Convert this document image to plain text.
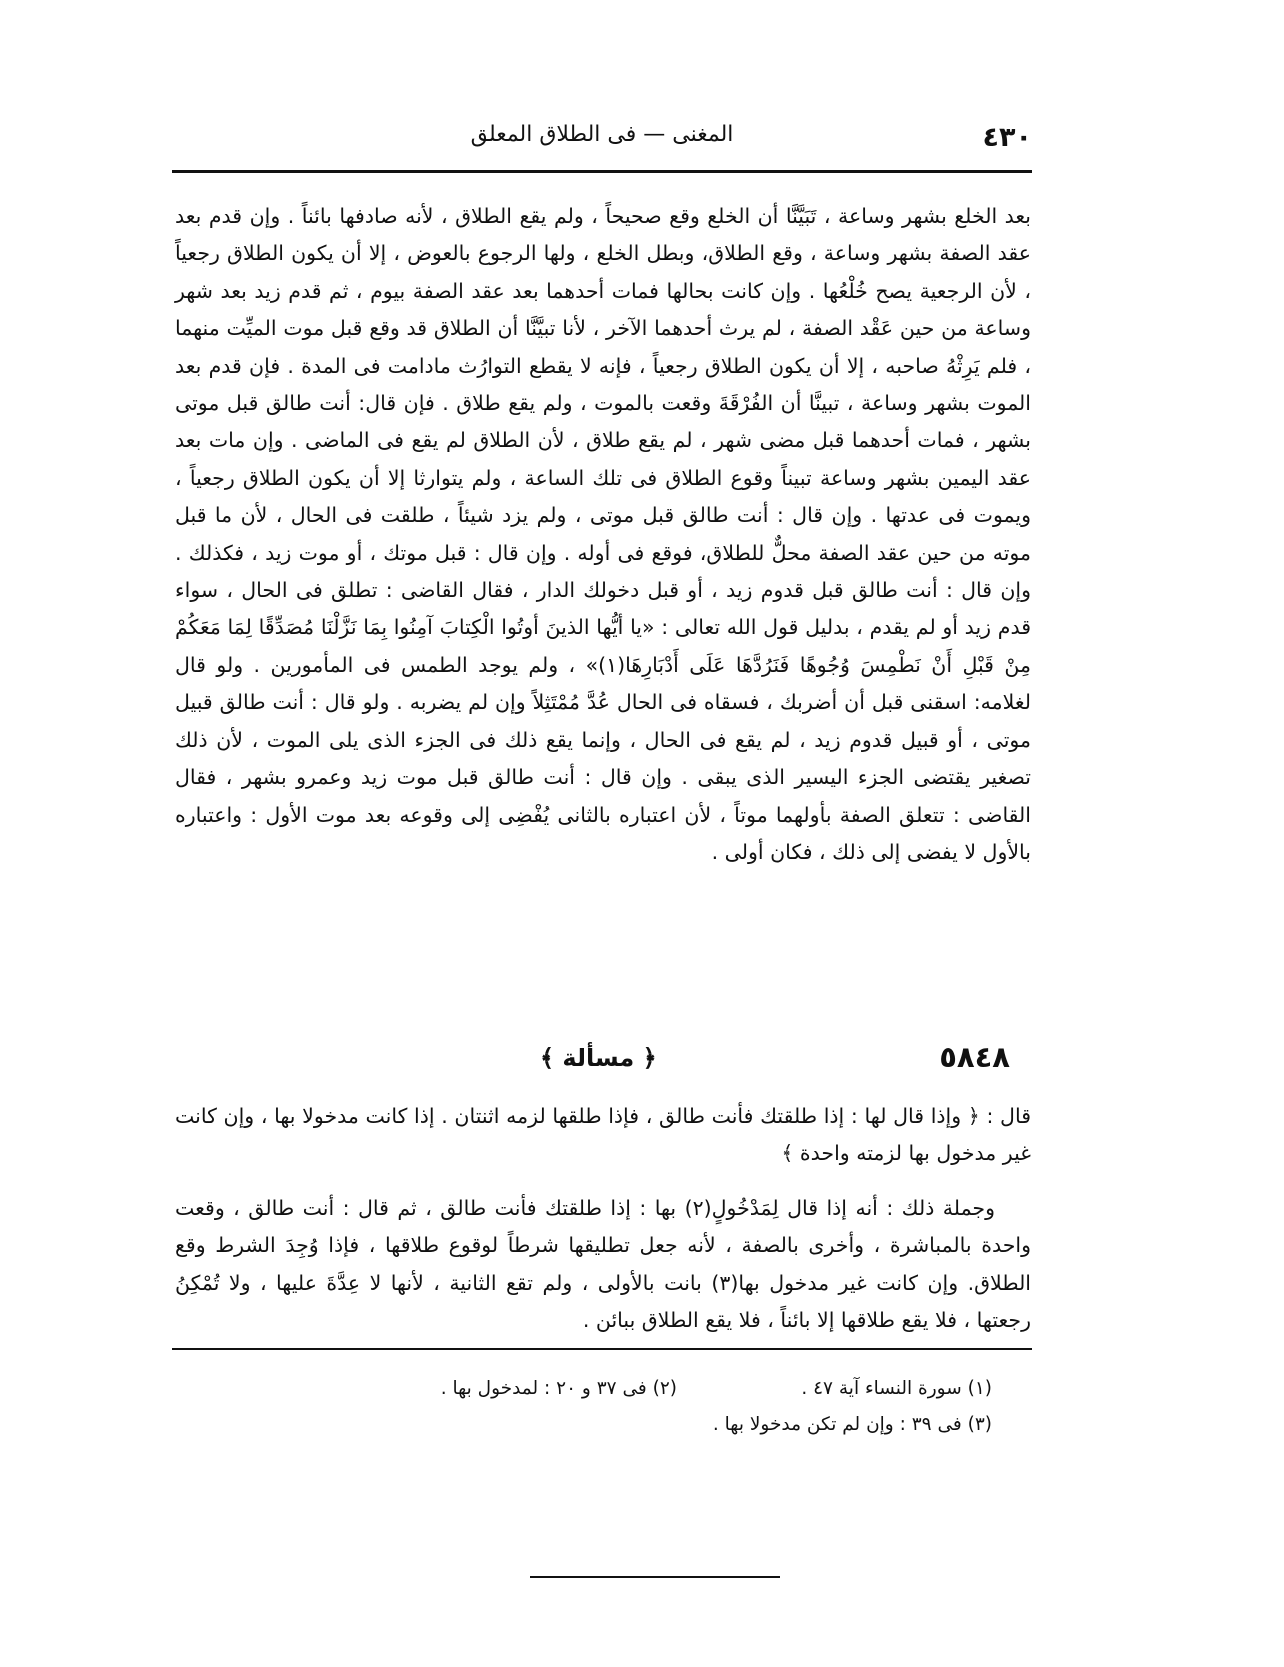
٤٣٠
المغنى — فى الطلاق المعلق

بعد الخلع بشهر وساعة ، تَبَيَّنَّا أن الخلع وقع صحيحاً ، ولم يقع الطلاق ، لأنه صادفها بائناً . وإن قدم بعد عقد الصفة بشهر وساعة ، وقع الطلاق، وبطل الخلع ، ولها الرجوع بالعوض ، إلا أن يكون الطلاق رجعياً ، لأن الرجعية يصح خُلْعُها . وإن كانت بحالها فمات أحدهما بعد عقد الصفة بيوم ، ثم قدم زيد بعد شهر وساعة من حين عَقْد الصفة ، لم يرث أحدهما الآخر ، لأنا تبيَّنَّا أن الطلاق قد وقع قبل موت الميِّت منهما ، فلم يَرِثْهُ صاحبه ، إلا أن يكون الطلاق رجعياً ، فإنه لا يقطع التوارُث مادامت فى المدة . فإن قدم بعد الموت بشهر وساعة ، تبينَّا أن الفُرْقَةَ وقعت بالموت ، ولم يقع طلاق . فإن قال: أنت طالق قبل موتى بشهر ، فمات أحدهما قبل مضى شهر ، لم يقع طلاق ، لأن الطلاق لم يقع فى الماضى . وإن مات بعد عقد اليمين بشهر وساعة تبيناً وقوع الطلاق فى تلك الساعة ، ولم يتوارثا إلا أن يكون الطلاق رجعياً ، ويموت فى عدتها . وإن قال : أنت طالق قبل موتى ، ولم يزد شيئاً ، طلقت فى الحال ، لأن ما قبل موته من حين عقد الصفة محلٌّ للطلاق، فوقع فى أوله . وإن قال : قبل موتك ، أو موت زيد ، فكذلك . وإن قال : أنت طالق قبل قدوم زيد ، أو قبل دخولك الدار ، فقال القاضى : تطلق فى الحال ، سواء قدم زيد أو لم يقدم ، بدليل قول الله تعالى : «يا أيُّها الذينَ أوتُوا الْكِتابَ آمِنُوا بِمَا نَزَّلْنَا مُصَدِّقًا لِمَا مَعَكُمْ مِنْ قَبْلِ أَنْ نَطْمِسَ وُجُوهًا فَنَرُدَّهَا عَلَى أَدْبَارِهَا(١)» ، ولم يوجد الطمس فى المأمورين . ولو قال لغلامه: اسقنى قبل أن أضربك ، فسقاه فى الحال عُدَّ مُمْتَثِلاً وإن لم يضربه . ولو قال : أنت طالق قبيل موتى ، أو قبيل قدوم زيد ، لم يقع فى الحال ، وإنما يقع ذلك فى الجزء الذى يلى الموت ، لأن ذلك تصغير يقتضى الجزء اليسير الذى يبقى . وإن قال : أنت طالق قبل موت زيد وعمرو بشهر ، فقال القاضى : تتعلق الصفة بأولهما موتاً ، لأن اعتباره بالثانى يُفْضِى إلى وقوعه بعد موت الأول : واعتباره بالأول لا يفضى إلى ذلك ، فكان أولى .

٥٨٤٨
﴿ مسألة ﴾

قال : ﴿ وإذا قال لها : إذا طلقتك فأنت طالق ، فإذا طلقها لزمه اثنتان . إذا كانت مدخولا بها ، وإن كانت غير مدخول بها لزمته واحدة ﴾

وجملة ذلك : أنه إذا قال لِمَدْخُولٍ(٢) بها : إذا طلقتك فأنت طالق ، ثم قال : أنت طالق ، وقعت واحدة بالمباشرة ، وأخرى بالصفة ، لأنه جعل تطليقها شرطاً لوقوع طلاقها ، فإذا وُجِدَ الشرط وقع الطلاق. وإن كانت غير مدخول بها(٣) بانت بالأولى ، ولم تقع الثانية ، لأنها لا عِدَّةَ عليها ، ولا تُمْكِنُ رجعتها ، فلا يقع طلاقها إلا بائناً ، فلا يقع الطلاق ببائن .

(١) سورة النساء آية ٤٧ .
(٢) فى ٣٧ و ٢٠ : لمدخول بها .
(٣) فى ٣٩ : وإن لم تكن مدخولا بها .
